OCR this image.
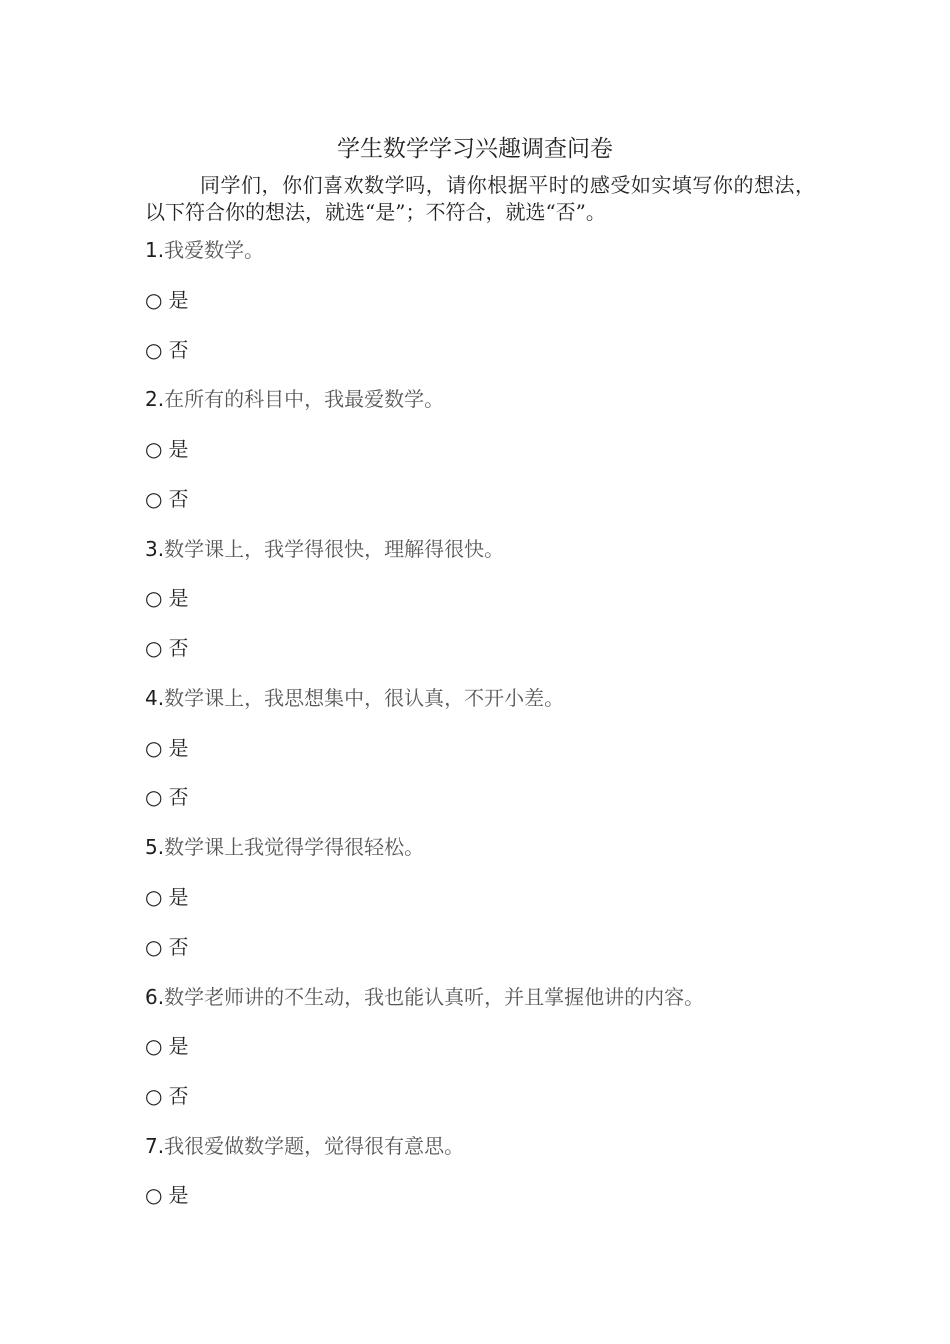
学生数学学习兴趣调查问卷
同学们，你们喜欢数学吗，请你根据平时的感受如实填写你的想法，以下符合你的想法，就选“是”；不符合，就选“否”。
1.我爱数学。
○ 是
○ 否
2.在所有的科目中，我最爱数学。
○ 是
○ 否
3.数学课上，我学得很快，理解得很快。
○ 是
○ 否
4.数学课上，我思想集中，很认真，不开小差。
○ 是
○ 否
5.数学课上我觉得学得很轻松。
○ 是
○ 否
6.数学老师讲的不生动，我也能认真听，并且掌握他讲的内容。
○ 是
○ 否
7.我很爱做数学题，觉得很有意思。
○ 是
